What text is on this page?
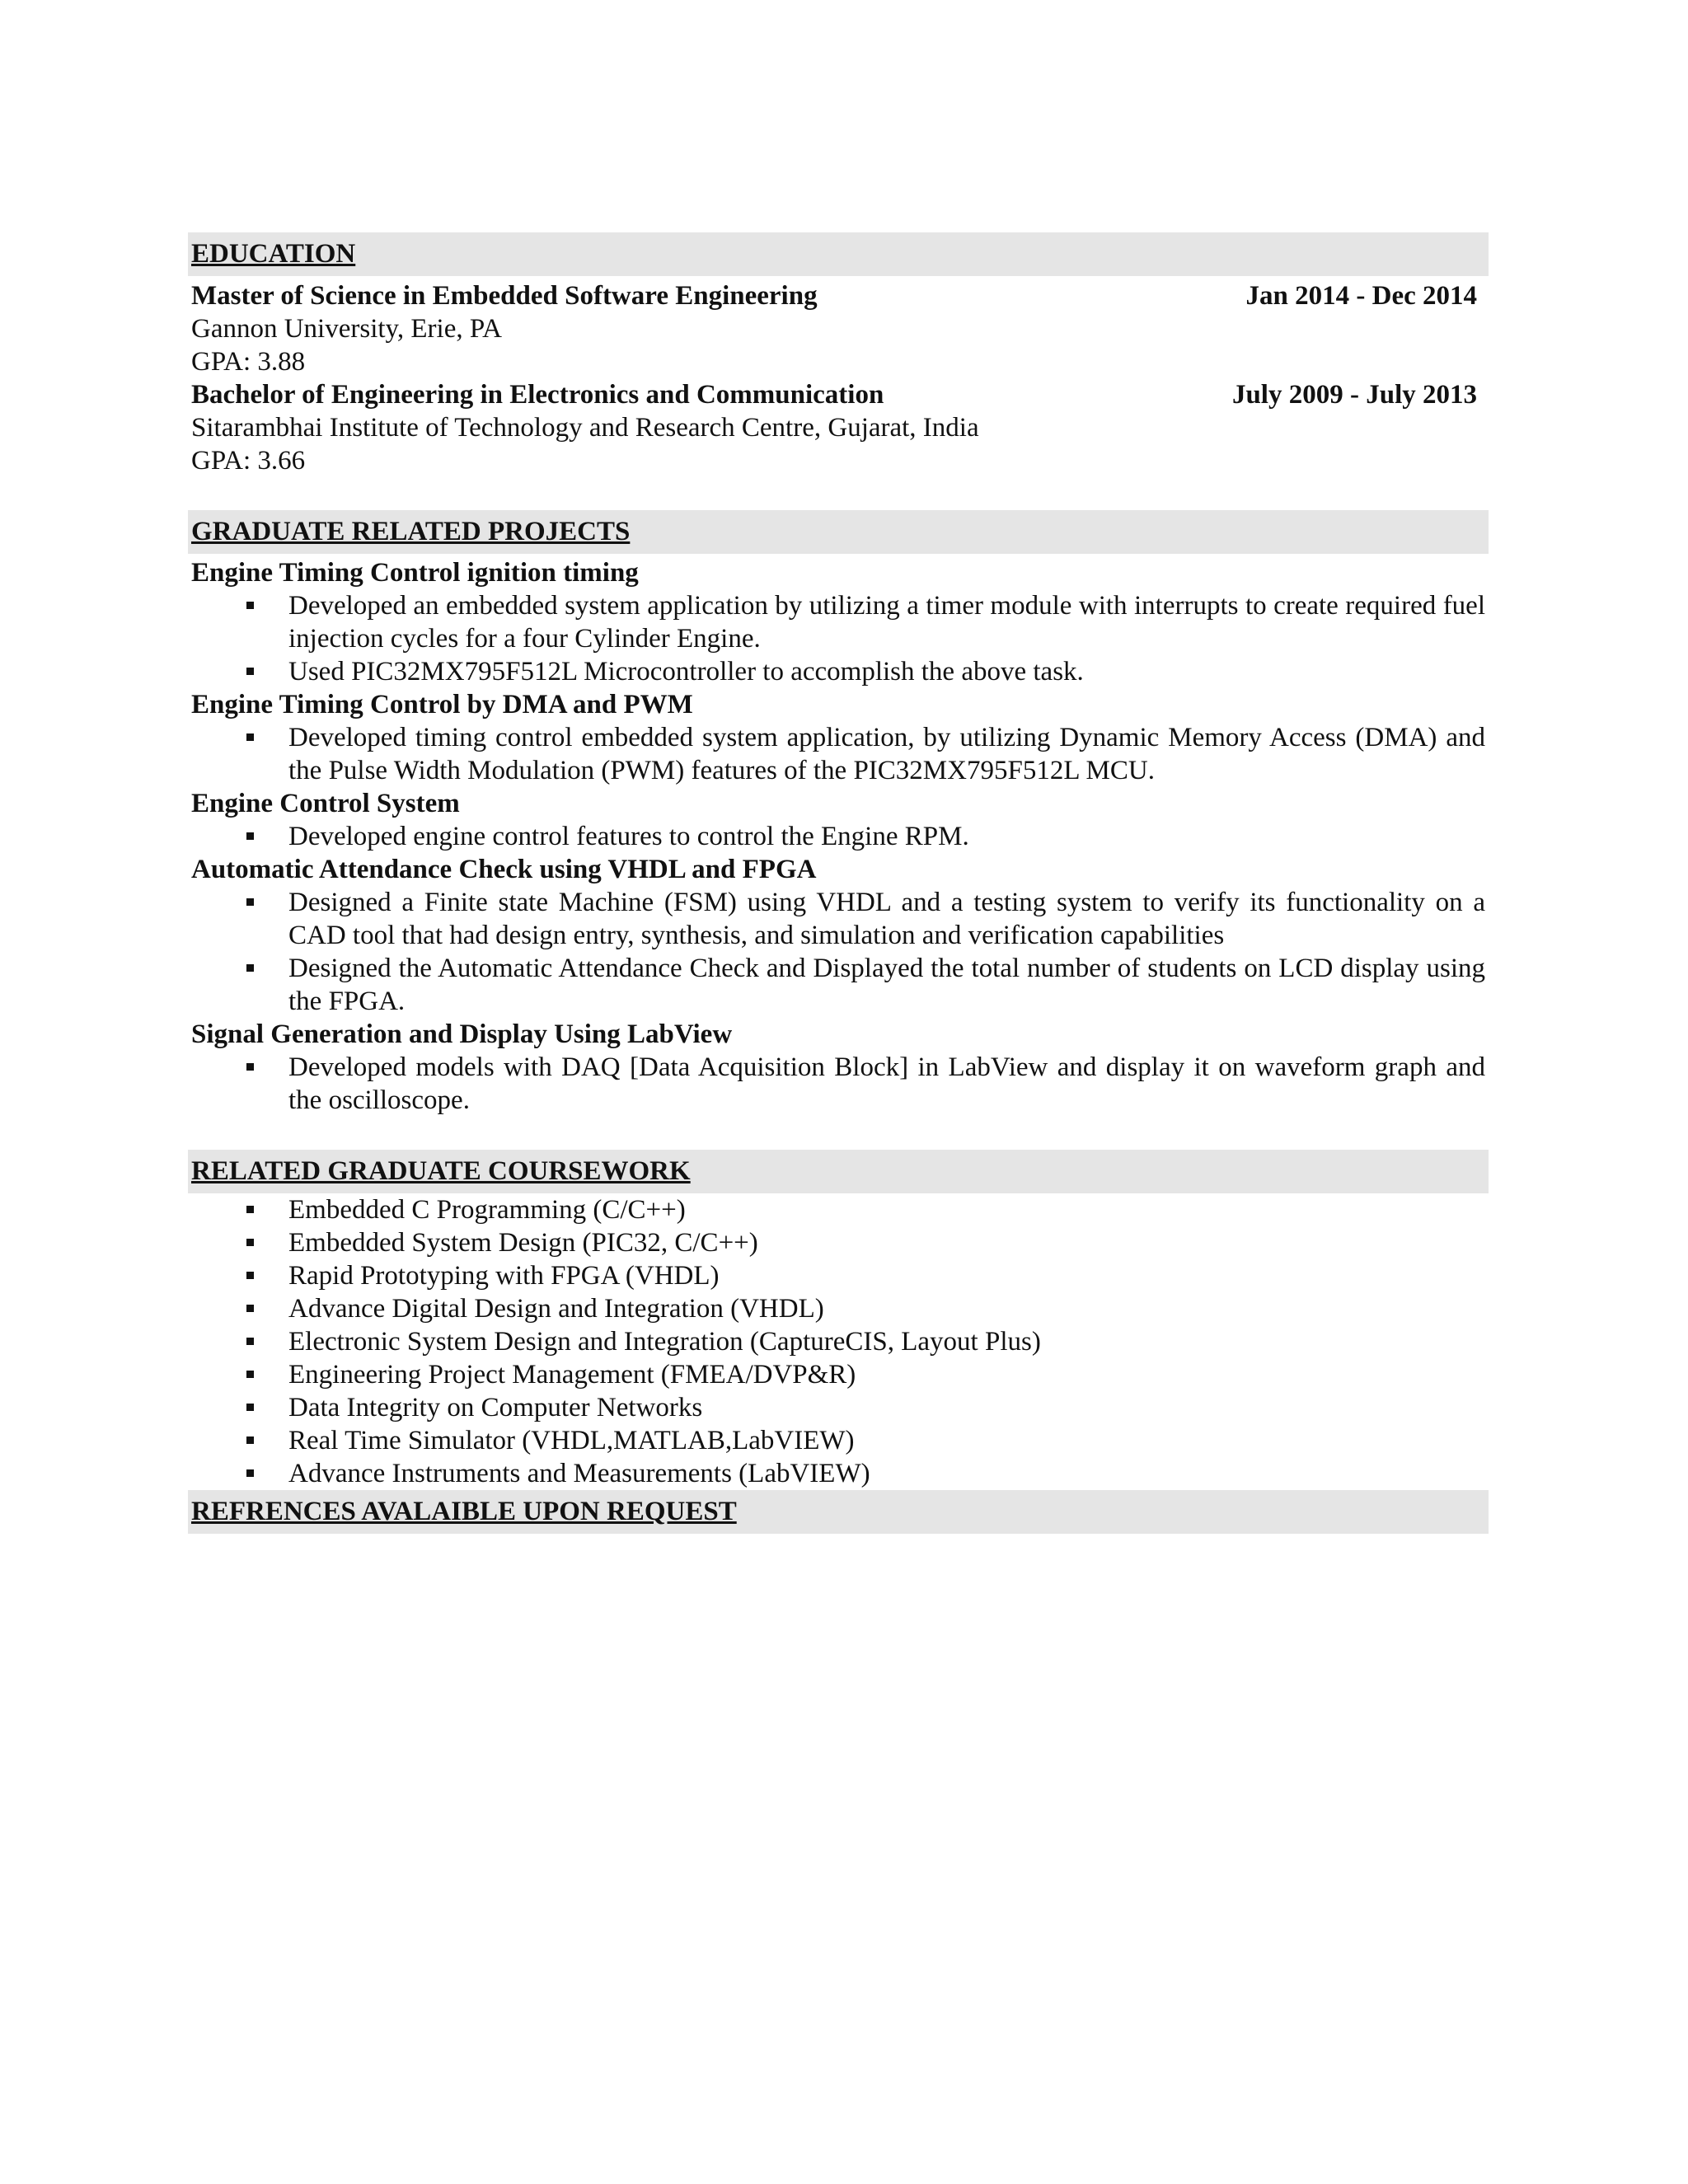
EDUCATION
Master of Science in Embedded Software Engineering	Jan 2014 - Dec 2014
Gannon University, Erie, PA
GPA: 3.88
Bachelor of Engineering in Electronics and Communication	July 2009 - July 2013
Sitarambhai Institute of Technology and Research Centre, Gujarat, India
GPA: 3.66
GRADUATE RELATED PROJECTS
Engine Timing Control ignition timing
Developed an embedded system application by utilizing a timer module with interrupts to create required fuel injection cycles for a four Cylinder Engine.
Used PIC32MX795F512L Microcontroller to accomplish the above task.
Engine Timing Control by DMA and PWM
Developed timing control embedded system application, by utilizing Dynamic Memory Access (DMA) and the Pulse Width Modulation (PWM) features of the PIC32MX795F512L MCU.
Engine Control System
Developed engine control features to control the Engine RPM.
Automatic Attendance Check using VHDL and FPGA
Designed a Finite state Machine (FSM) using VHDL and a testing system to verify its functionality on a CAD tool that had design entry, synthesis, and simulation and verification capabilities
Designed the Automatic Attendance Check and Displayed the total number of students on LCD display using the FPGA.
Signal Generation and Display Using LabView
Developed models with DAQ [Data Acquisition Block] in LabView and display it on waveform graph and the oscilloscope.
RELATED GRADUATE COURSEWORK
Embedded C Programming (C/C++)
Embedded System Design (PIC32, C/C++)
Rapid Prototyping with FPGA (VHDL)
Advance Digital Design and Integration (VHDL)
Electronic System Design and Integration (CaptureCIS, Layout Plus)
Engineering Project Management (FMEA/DVP&R)
Data Integrity on Computer Networks
Real Time Simulator (VHDL,MATLAB,LabVIEW)
Advance Instruments and Measurements (LabVIEW)
REFRENCES AVALAIBLE UPON REQUEST
